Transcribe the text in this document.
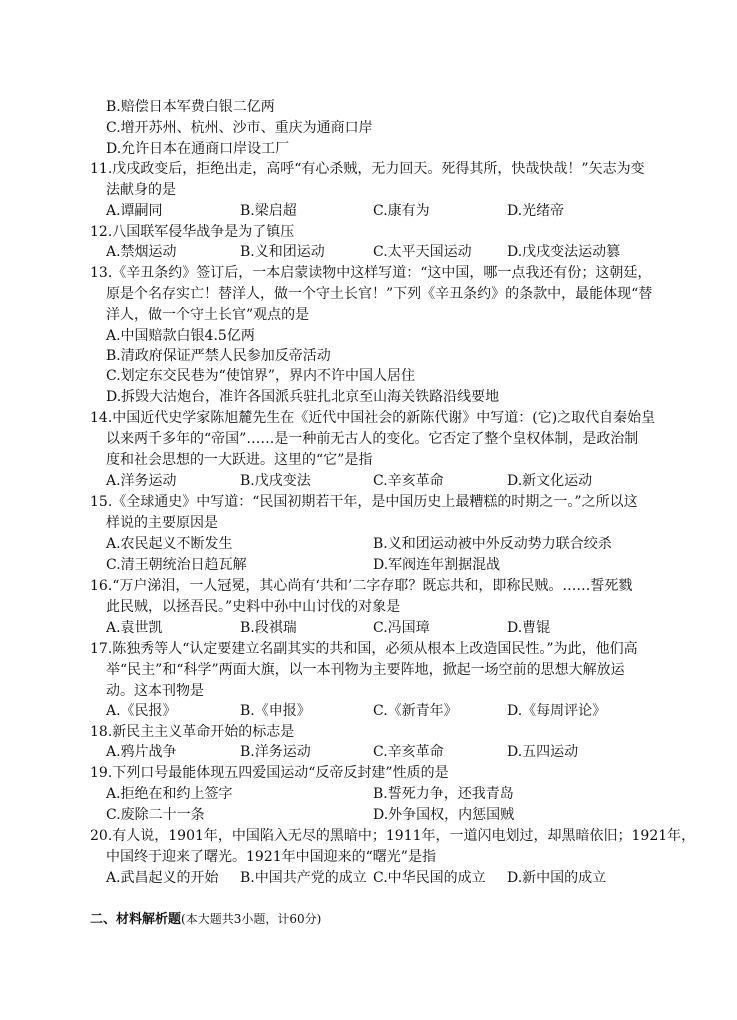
B.赔偿日本军费白银二亿两
C.增开苏州、杭州、沙市、重庆为通商口岸
D.允许日本在通商口岸设工厂
11.戊戌政变后，拒绝出走，高呼“有心杀贼，无力回天。死得其所，快哉快哉！”矢志为变
法献身的是
A.谭嗣同	B.梁启超	C.康有为	D.光绪帝
12.八国联军侵华战争是为了镇压
A.禁烟运动	B.义和团运动	C.太平天国运动	D.戊戌变法运动篡
13.《辛丑条约》签订后，一本启蒙读物中这样写道：“这中国，哪一点我还有份；这朝廷，
原是个名存实亡！替洋人，做一个守土长官！”下列《辛丑条约》的条款中，最能体现“替
洋人，做一个守土长官”观点的是
A.中国赔款白银4.5亿两
B.清政府保证严禁人民参加反帝活动
C.划定东交民巷为“使馆界”，界内不许中国人居住
D.拆毁大沽炮台，准许各国派兵驻扎北京至山海关铁路沿线要地
14.中国近代史学家陈旭麓先生在《近代中国社会的新陈代谢》中写道：(它)之取代自秦始皇
以来两千多年的“帝国”……是一种前无古人的变化。它否定了整个皇权体制，是政治制
度和社会思想的一大跃进。这里的“它”是指
A.洋务运动	B.戊戌变法	C.辛亥革命	D.新文化运动
15.《全球通史》中写道：“民国初期若干年，是中国历史上最糟糕的时期之一。”之所以这
样说的主要原因是
A.农民起义不断发生	B.义和团运动被中外反动势力联合绞杀
C.清王朝统治日趋瓦解	D.军阀连年割据混战
16.“万户涕泪，一人冠冕，其心尚有‘共和’二字存耶？既忘共和，即称民贼。……誓死戮
此民贼，以拯吾民。”史料中孙中山讨伐的对象是
A.袁世凯	B.段祺瑞	C.冯国璋	D.曹锟
17.陈独秀等人“认定要建立名副其实的共和国，必须从根本上改造国民性。”为此，他们高
举“民主”和“科学”两面大旗，以一本刊物为主要阵地，掀起一场空前的思想大解放运
动。这本刊物是
A.《民报》	B.《申报》	C.《新青年》	D.《每周评论》
18.新民主主义革命开始的标志是
A.鸦片战争	B.洋务运动	C.辛亥革命	D.五四运动
19.下列口号最能体现五四爱国运动“反帝反封建”性质的是
A.拒绝在和约上签字	B.誓死力争，还我青岛
C.废除二十一条	D.外争国权，内惩国贼
20.有人说，1901年，中国陷入无尽的黑暗中；1911年，一道闪电划过，却黑暗依旧；1921年，
中国终于迎来了曙光。1921年中国迎来的“曙光”是指
A.武昌起义的开始 B.中国共产党的成立 C.中华民国的成立 D.新中国的成立
二、材料解析题(本大题共3小题，计60分)
